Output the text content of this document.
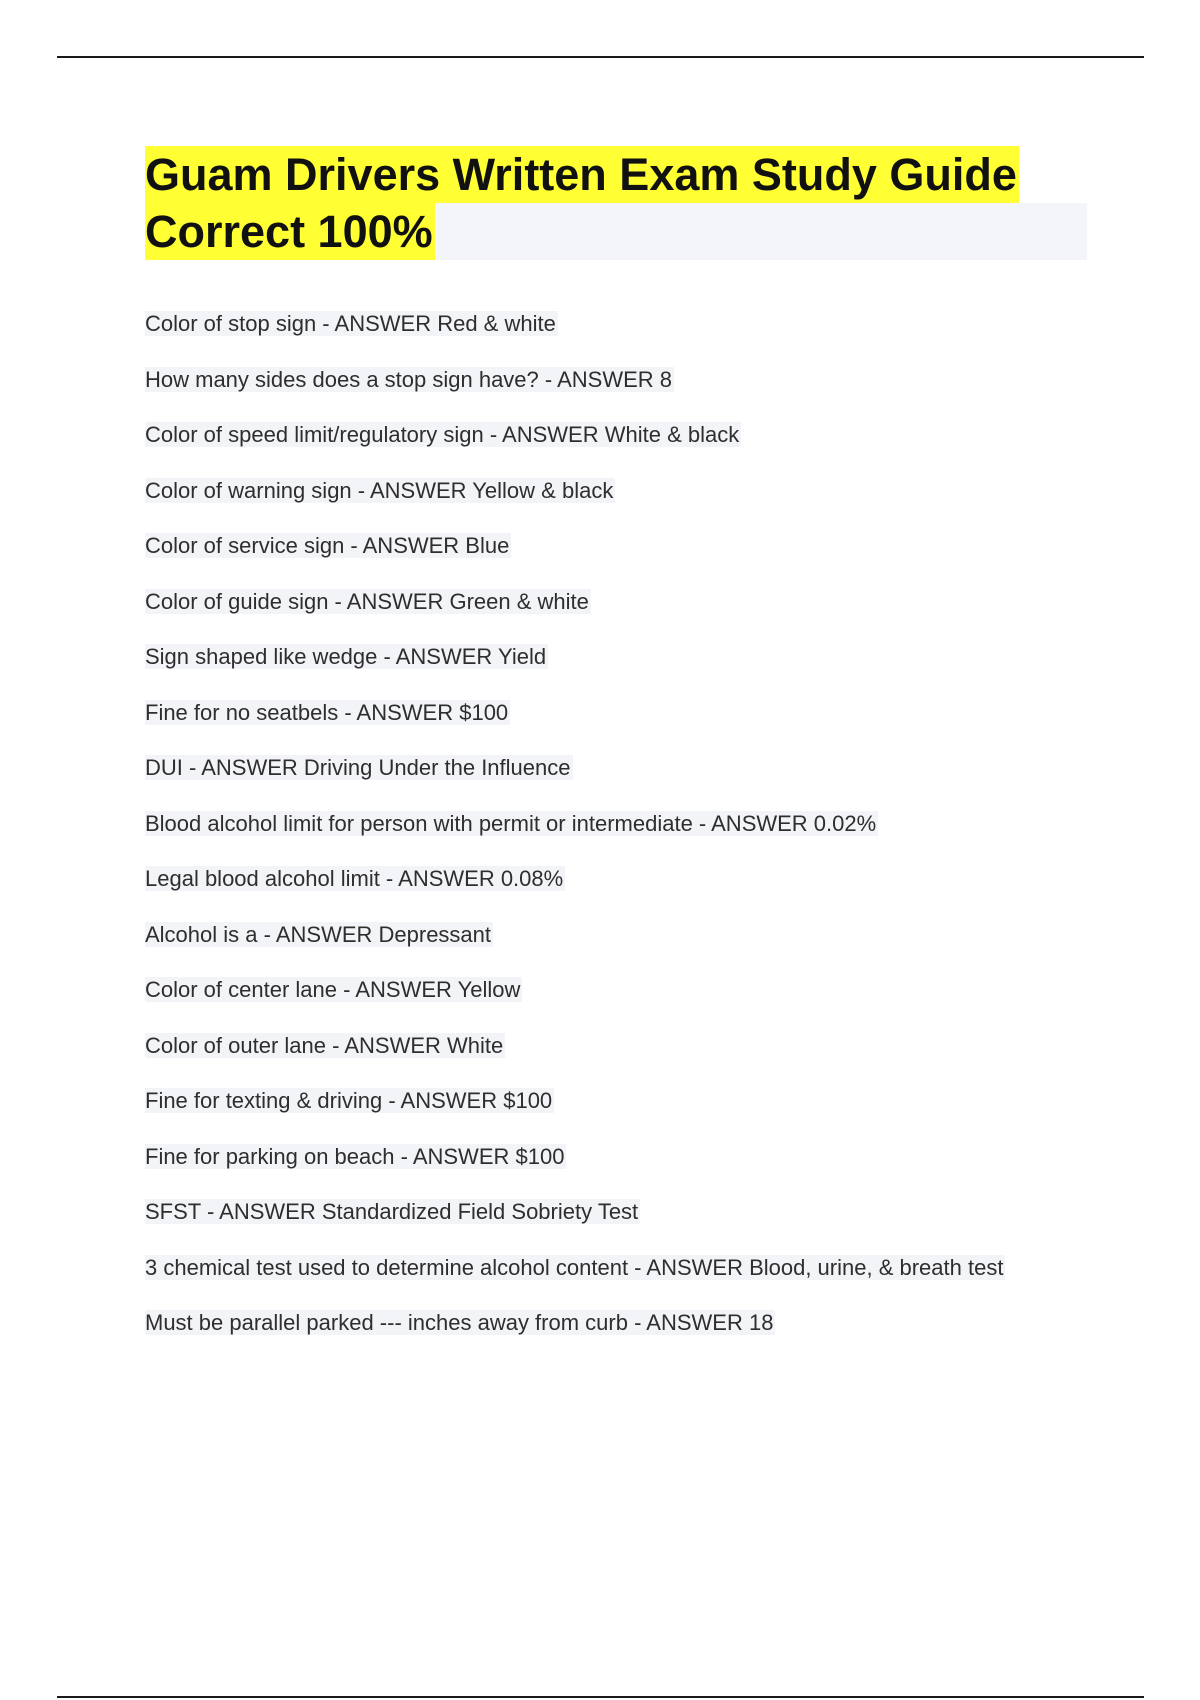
Guam Drivers Written Exam Study Guide
Correct 100%
Color of stop sign - ANSWER Red & white
How many sides does a stop sign have? - ANSWER 8
Color of speed limit/regulatory sign - ANSWER White & black
Color of warning sign - ANSWER Yellow & black
Color of service sign - ANSWER Blue
Color of guide sign - ANSWER Green & white
Sign shaped like wedge - ANSWER Yield
Fine for no seatbels - ANSWER $100
DUI - ANSWER Driving Under the Influence
Blood alcohol limit for person with permit or intermediate - ANSWER 0.02%
Legal blood alcohol limit - ANSWER 0.08%
Alcohol is a - ANSWER Depressant
Color of center lane - ANSWER Yellow
Color of outer lane - ANSWER White
Fine for texting & driving - ANSWER $100
Fine for parking on beach - ANSWER $100
SFST - ANSWER Standardized Field Sobriety Test
3 chemical test used to determine alcohol content - ANSWER Blood, urine, & breath test
Must be parallel parked --- inches away from curb - ANSWER 18
